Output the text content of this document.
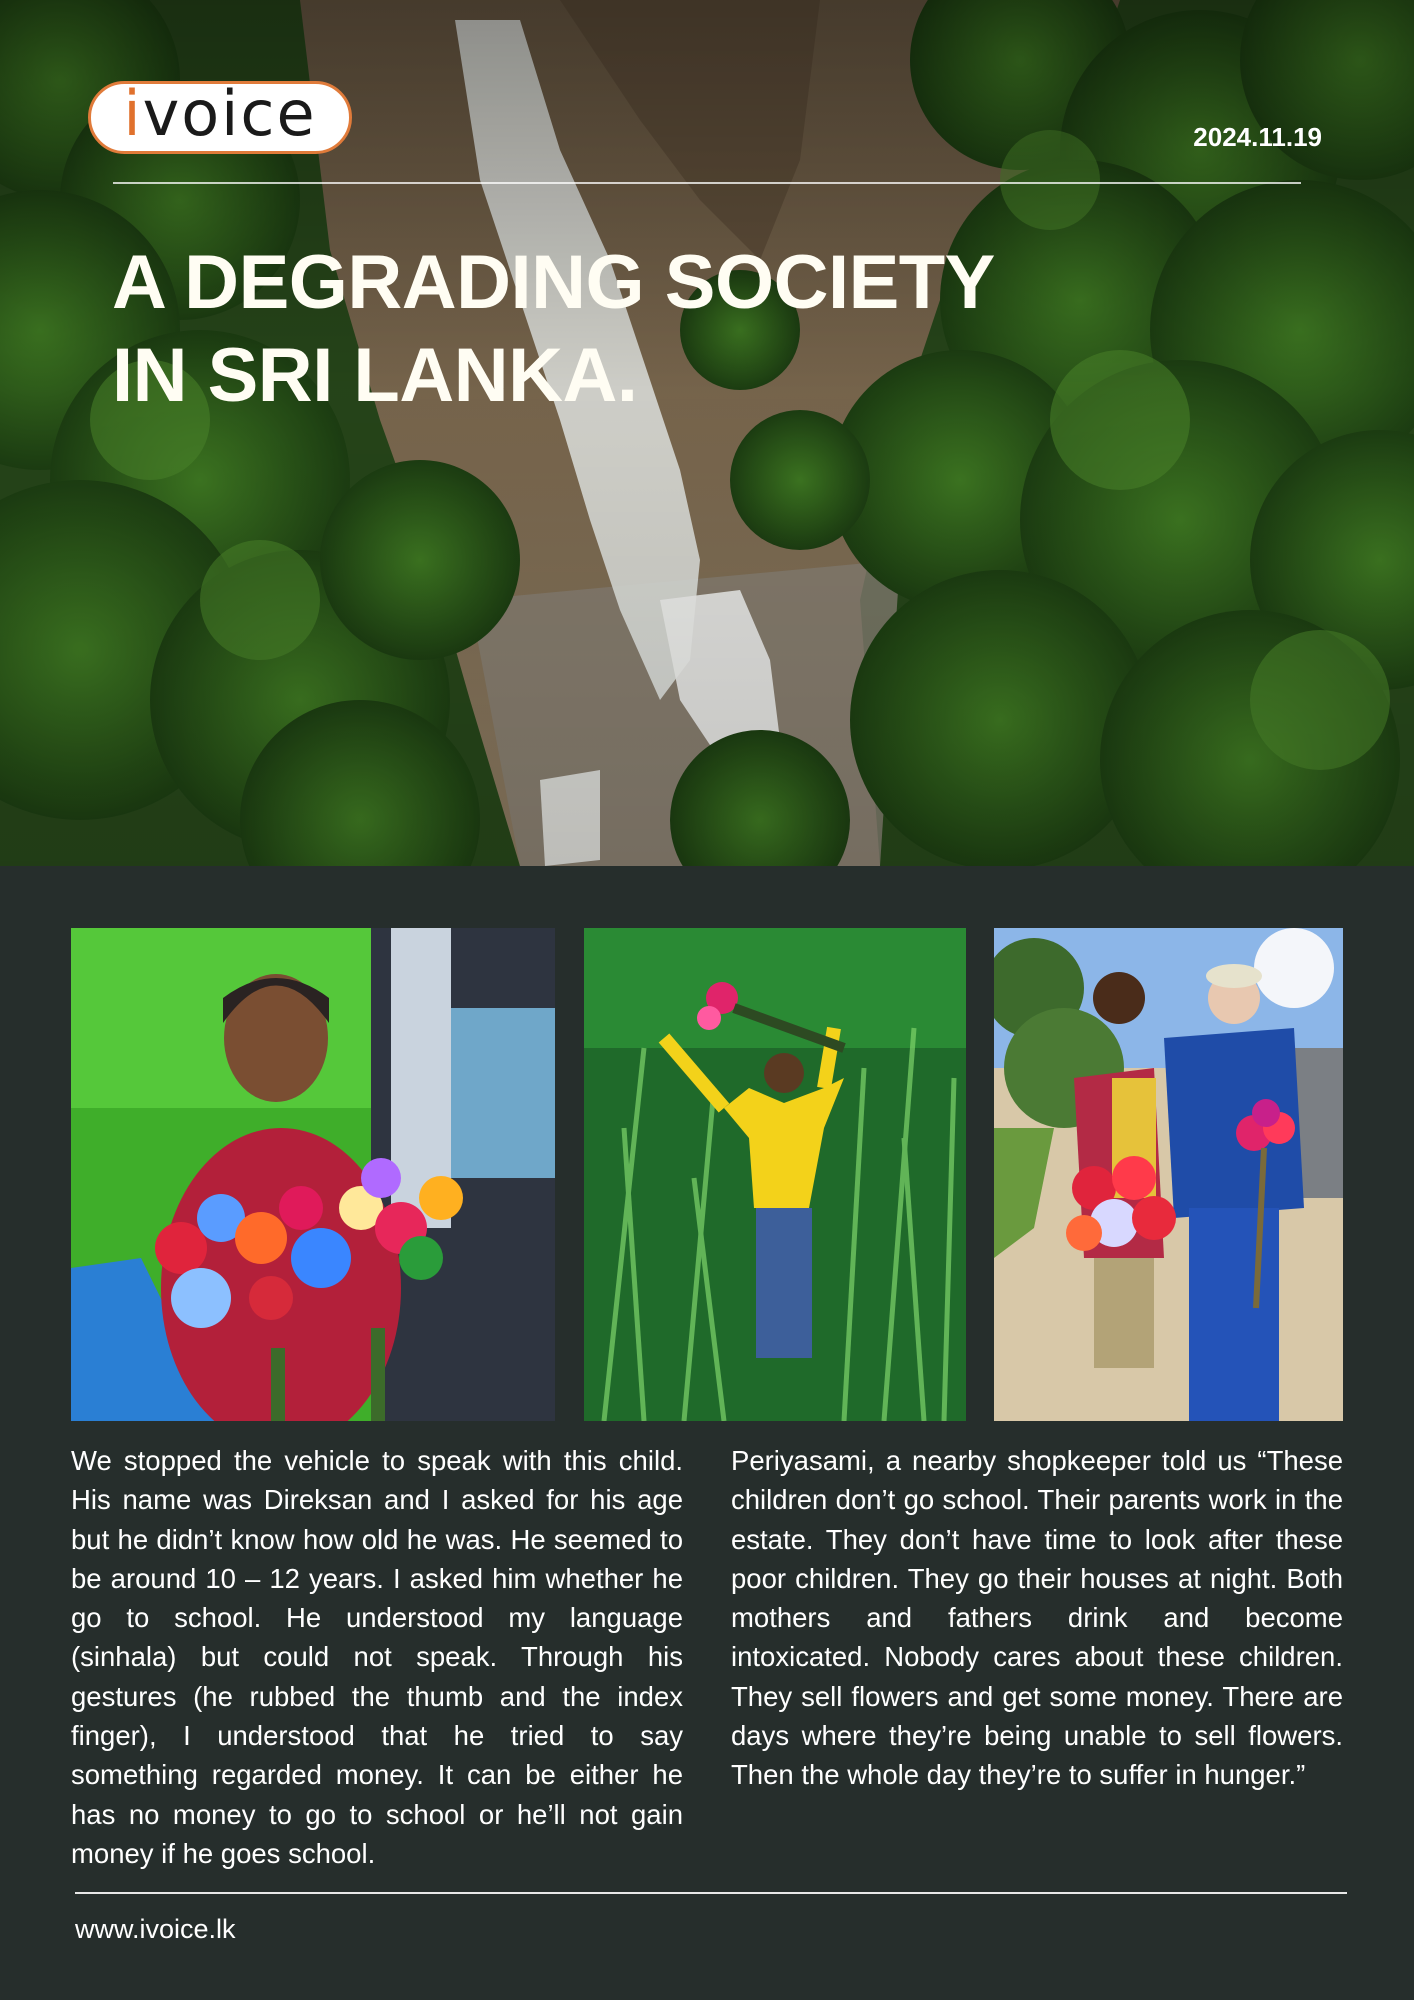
i voice	2024.11.19
A DEGRADING SOCIETY
IN SRI LANKA.

We stopped the vehicle to speak with this child. His name was Direksan and I asked for his age but he didn’t know how old he was. He seemed to be around 10 – 12 years. I asked him whether he go to school. He understood my language (sinhala) but could not speak. Through his gestures (he rubbed the thumb and the index finger), I understood that he tried to say something regarded money. It can be either he has no money to go to school or he’ll not gain money if he goes school.

Periyasami, a nearby shopkeeper told us “These children don’t go school. Their parents work in the estate. They don’t have time to look after these poor children. They go their houses at night. Both mothers and fathers drink and become intoxicated. Nobody cares about these children. They sell flowers and get some money. There are days where they’re being unable to sell flowers. Then the whole day they’re to suffer in hunger.”

www.ivoice.lk
